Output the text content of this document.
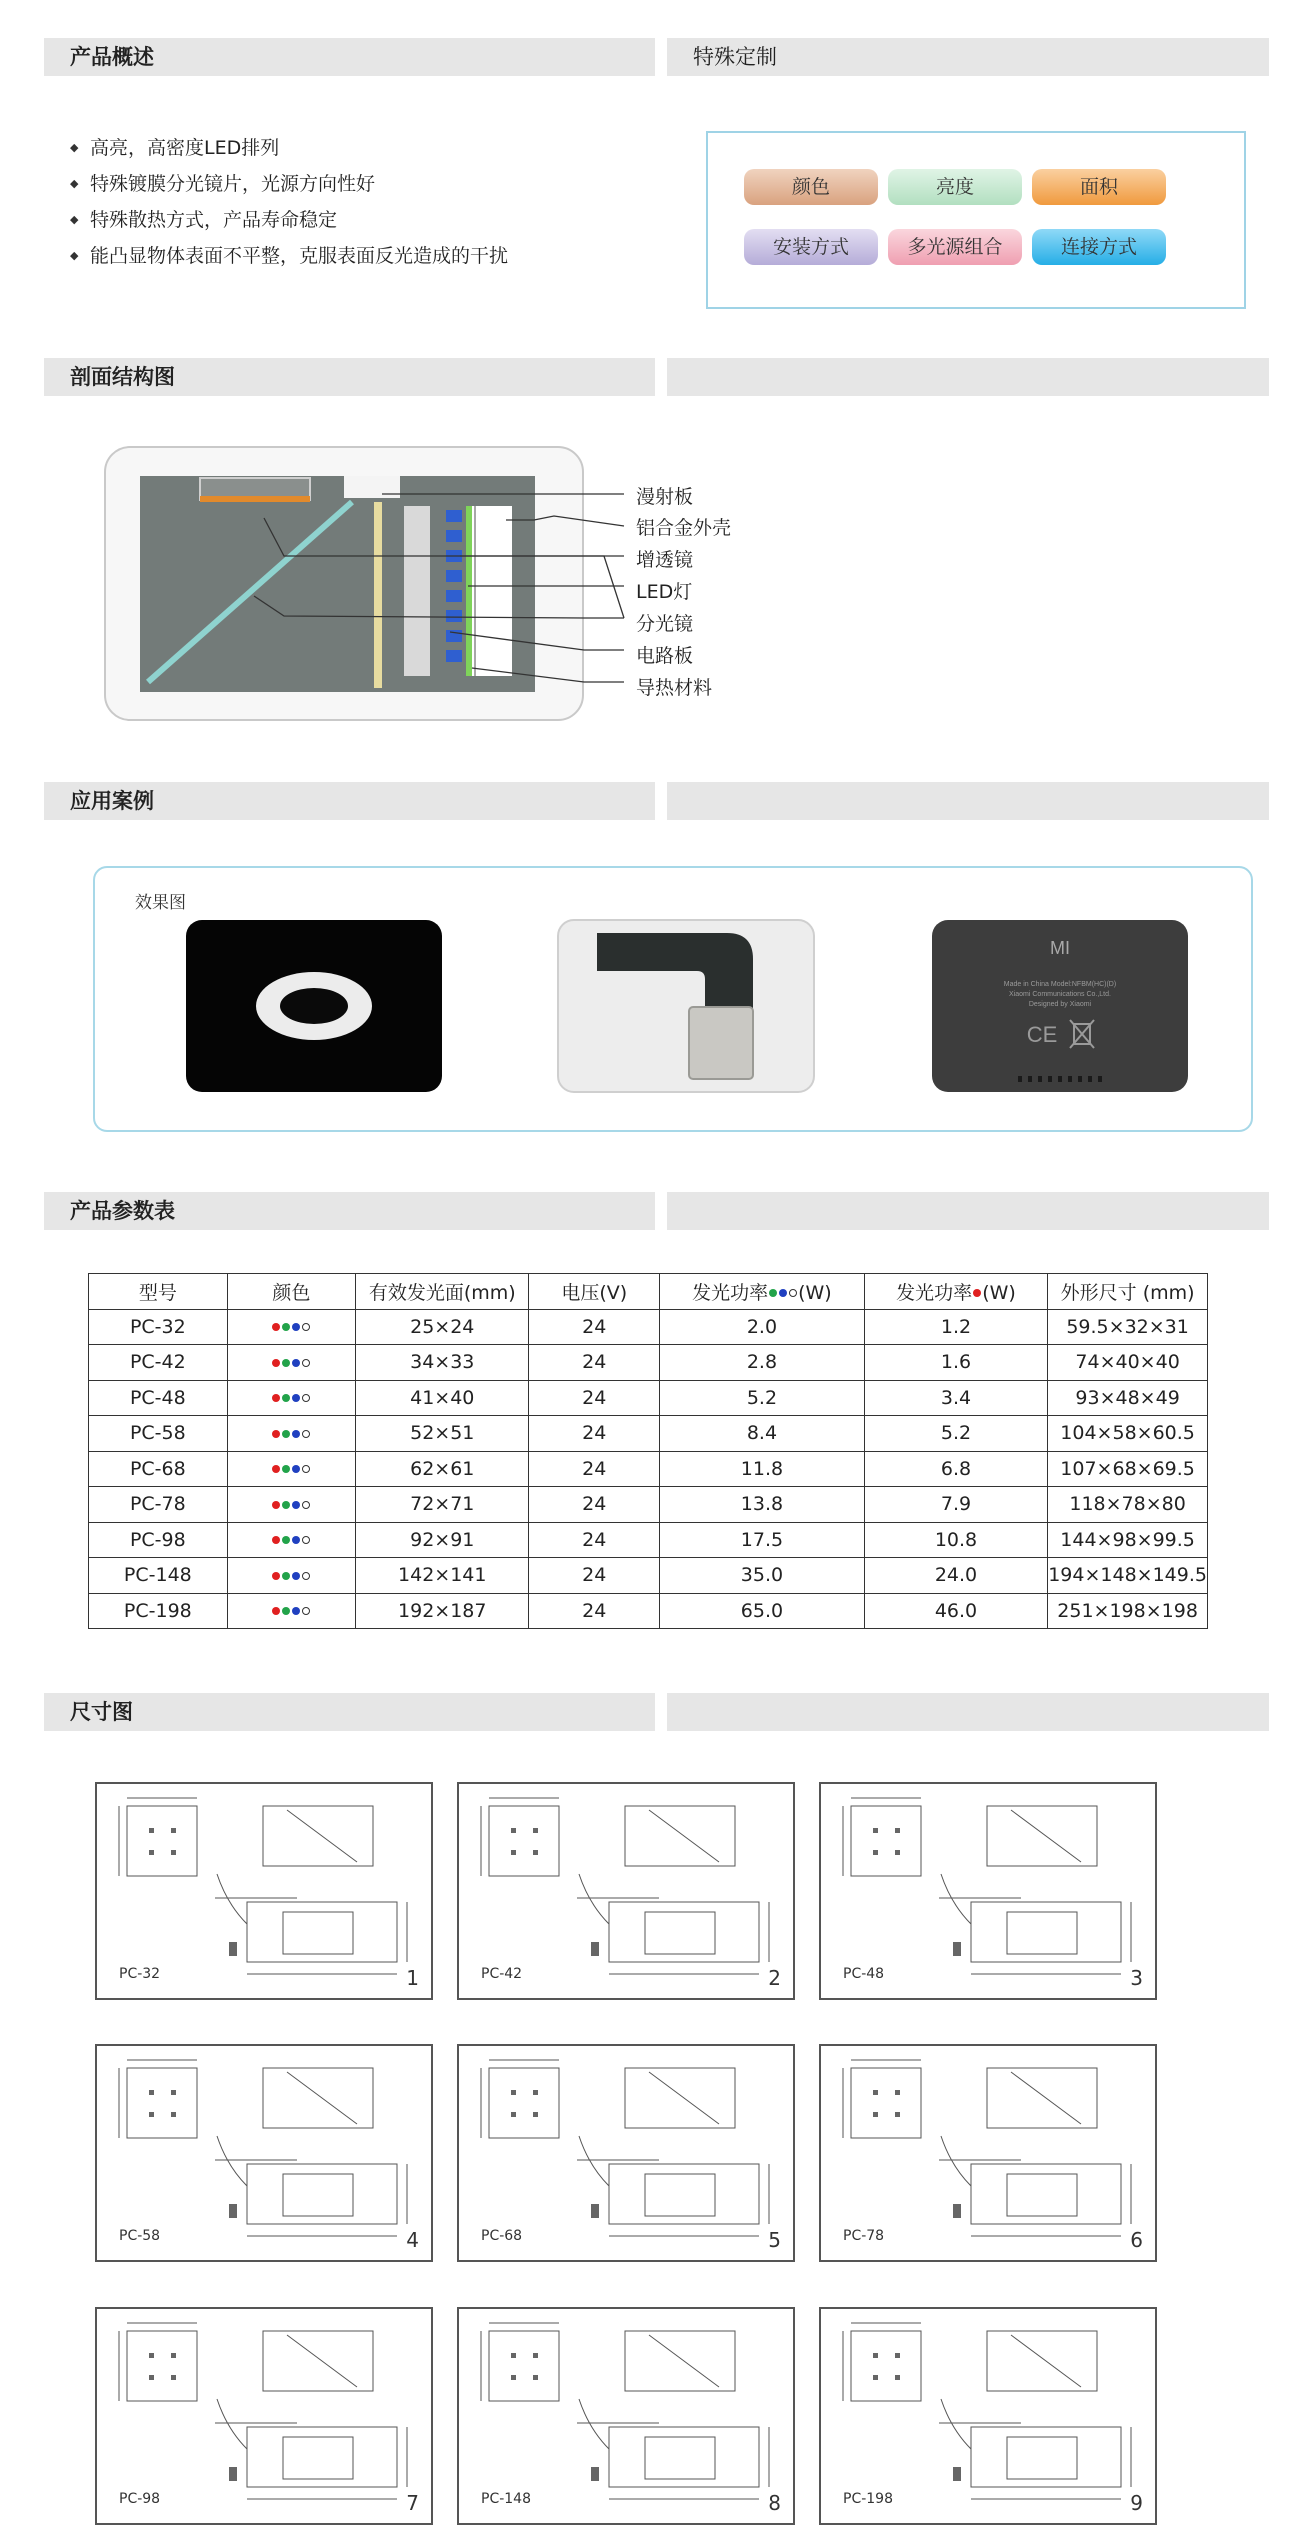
产品概述	特殊定制
◆ 高亮，高密度LED排列
◆ 特殊镀膜分光镜片，光源方向性好
◆ 特殊散热方式，产品寿命稳定
◆ 能凸显物体表面不平整，克服表面反光造成的干扰
颜色	亮度	面积
安装方式	多光源组合	连接方式
剖面结构图
漫射板
铝合金外壳
增透镜
LED灯
分光镜
电路板
导热材料
应用案例
效果图
MI
Made in China Model:NFBM(HC)(D)
Xiaomi Communications Co.,Ltd.
Designed by Xiaomi
CE
产品参数表
型号	颜色	有效发光面(mm)	电压(V)	发光功率 (W)	发光功率 (W)	外形尺寸 (mm)
PC-32		25×24	24	2.0	1.2	59.5×32×31
PC-42		34×33	24	2.8	1.6	74×40×40
PC-48		41×40	24	5.2	3.4	93×48×49
PC-58		52×51	24	8.4	5.2	104×58×60.5
PC-68		62×61	24	11.8	6.8	107×68×69.5
PC-78		72×71	24	13.8	7.9	118×78×80
PC-98		92×91	24	17.5	10.8	144×98×99.5
PC-148		142×141	24	35.0	24.0	194×148×149.5
PC-198		192×187	24	65.0	46.0	251×198×198
尺寸图
PC-32	1	PC-42	2	PC-48	3
PC-58	4	PC-68	5	PC-78	6
PC-98	7	PC-148	8	PC-198	9
